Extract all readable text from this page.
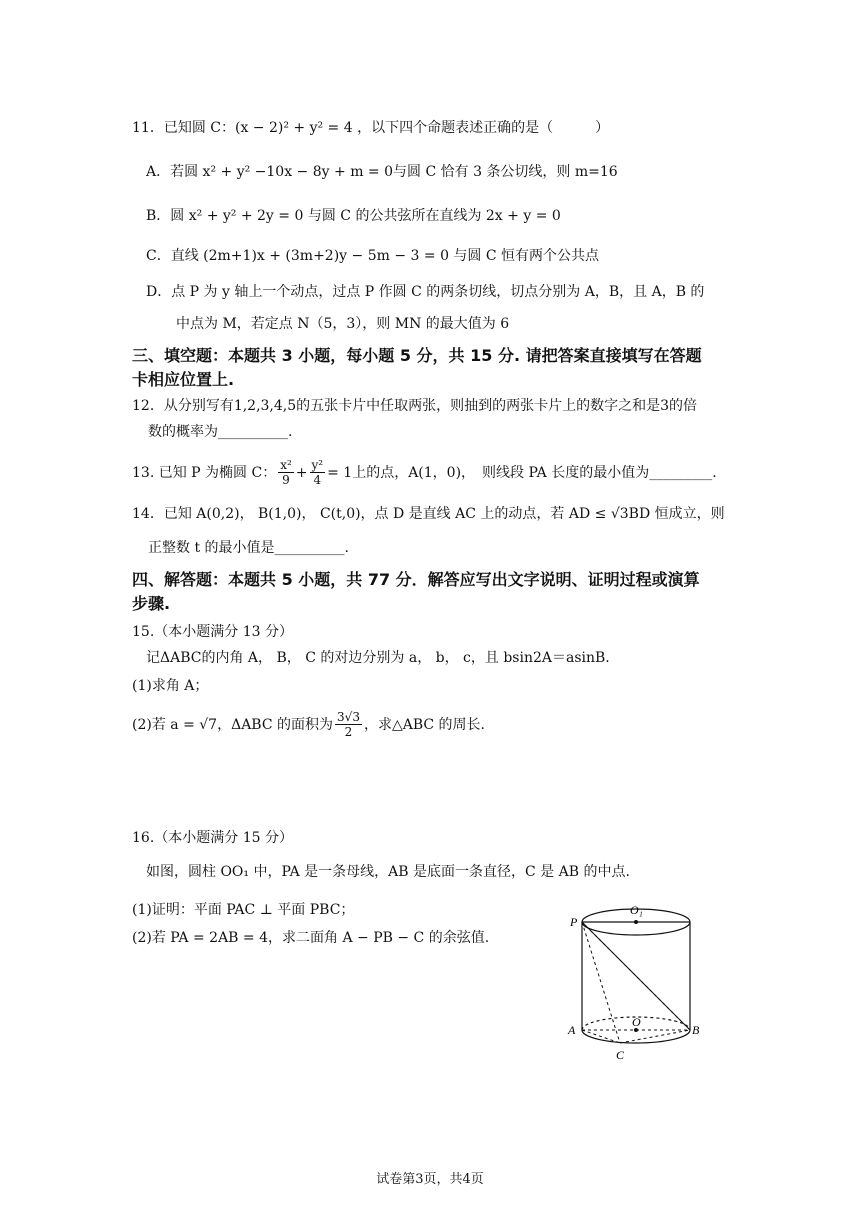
11．已知圆 C：(x − 2)² + y² = 4 ，以下四个命题表述正确的是（　　　）
A．若圆 x² + y² −10x − 8y + m = 0与圆 C 恰有 3 条公切线，则 m=16
B．圆 x² + y² + 2y = 0 与圆 C 的公共弦所在直线为 2x + y = 0
C．直线 (2m+1)x + (3m+2)y − 5m − 3 = 0 与圆 C 恒有两个公共点
D．点 P 为 y 轴上一个动点，过点 P 作圆 C 的两条切线，切点分别为 A，B，且 A，B 的
中点为 M，若定点 N（5，3），则 MN 的最大值为 6
三、填空题：本题共 3 小题，每小题 5 分，共 15 分. 请把答案直接填写在答题
卡相应位置上.
12．从分别写有1,2,3,4,5的五张卡片中任取两张，则抽到的两张卡片上的数字之和是3的倍
数的概率为__________.
13. 已知 P 为椭圆 C： $\frac{\text{x²}}{9} + \frac{\text{y²}}{4} = 1$上的点，A(1，0)，　则线段 PA 长度的最小值为_________.
14．已知 A(0,2)， B(1,0)， C(t,0)，点 D 是直线 AC 上的动点，若 AD ≤ √3BD 恒成立，则
正整数 t 的最小值是__________.
四、解答题：本题共 5 小题，共 77 分．解答应写出文字说明、证明过程或演算
步骤.
15.（本小题满分 13 分）
记ΔABC的内角 A， B， C 的对边分别为 a， b， c，且 bsin2A＝asinB.
(1)求角 A；
(2)若 a = √7，ΔABC 的面积为 $\frac{3√3}{2}$ ，求△ABC 的周长.
16.（本小题满分 15 分）
如图，圆柱 OO₁ 中，PA 是一条母线，AB 是底面一条直径，C 是 AB 的中点.
(1)证明：平面 PAC ⊥ 平面 PBC；
(2)若 PA = 2AB = 4，求二面角 A − PB − C 的余弦值.
P
O₁
A
O
B
C
试卷第3页，共4页
